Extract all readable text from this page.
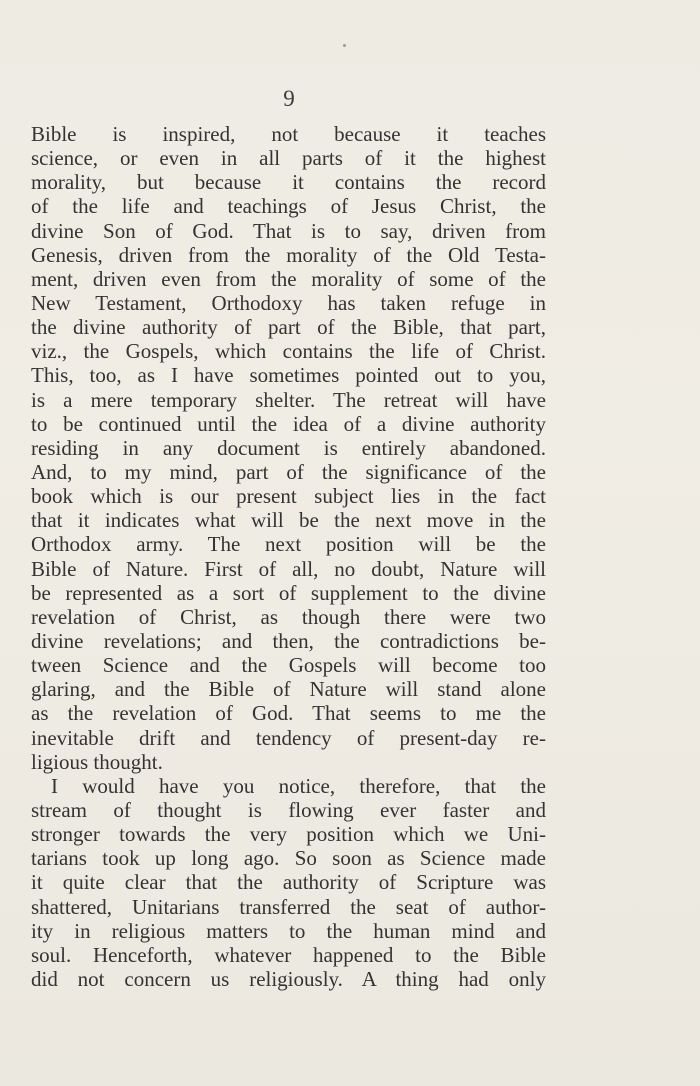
9
Bible is inspired, not because it teaches
science, or even in all parts of it the highest
morality, but because it contains the record
of the life and teachings of Jesus Christ, the
divine Son of God. That is to say, driven from
Genesis, driven from the morality of the Old Testa-
ment, driven even from the morality of some of the
New Testament, Orthodoxy has taken refuge in
the divine authority of part of the Bible, that part,
viz., the Gospels, which contains the life of Christ.
This, too, as I have sometimes pointed out to you,
is a mere temporary shelter. The retreat will have
to be continued until the idea of a divine authority
residing in any document is entirely abandoned.
And, to my mind, part of the significance of the
book which is our present subject lies in the fact
that it indicates what will be the next move in the
Orthodox army. The next position will be the
Bible of Nature. First of all, no doubt, Nature will
be represented as a sort of supplement to the divine
revelation of Christ, as though there were two
divine revelations; and then, the contradictions be-
tween Science and the Gospels will become too
glaring, and the Bible of Nature will stand alone
as the revelation of God. That seems to me the
inevitable drift and tendency of present-day re-
ligious thought.
I would have you notice, therefore, that the
stream of thought is flowing ever faster and
stronger towards the very position which we Uni-
tarians took up long ago. So soon as Science made
it quite clear that the authority of Scripture was
shattered, Unitarians transferred the seat of author-
ity in religious matters to the human mind and
soul. Henceforth, whatever happened to the Bible
did not concern us religiously. A thing had only
